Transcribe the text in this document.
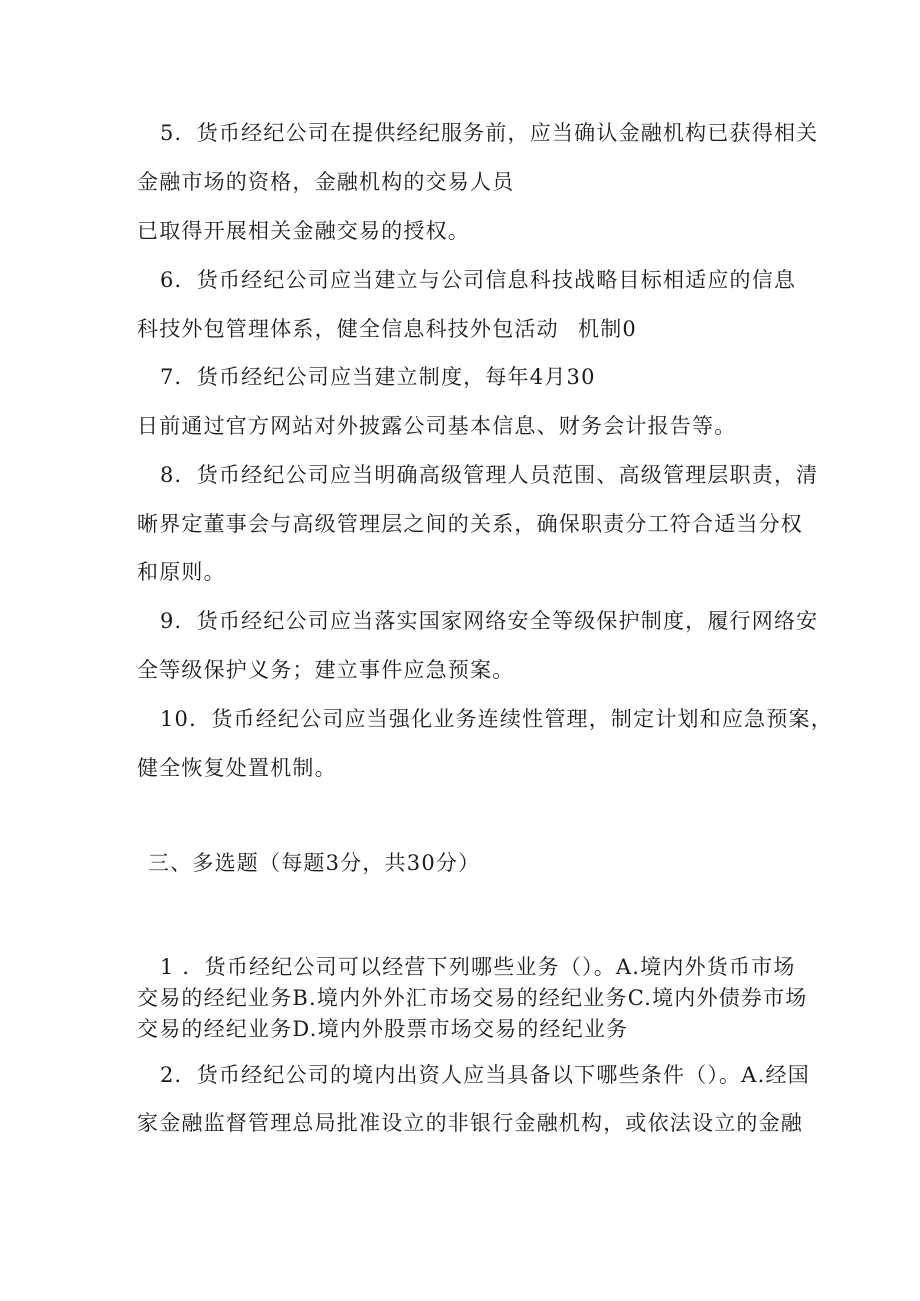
5．货币经纪公司在提供经纪服务前，应当确认金融机构已获得相关
金融市场的资格，金融机构的交易人员
已取得开展相关金融交易的授权。
6．货币经纪公司应当建立与公司信息科技战略目标相适应的信息
科技外包管理体系，健全信息科技外包活动 机制0
7．货币经纪公司应当建立制度，每年4月30
日前通过官方网站对外披露公司基本信息、财务会计报告等。
8．货币经纪公司应当明确高级管理人员范围、高级管理层职责，清
晰界定董事会与高级管理层之间的关系，确保职责分工符合适当分权
和原则。
9．货币经纪公司应当落实国家网络安全等级保护制度，履行网络安
全等级保护义务；建立事件应急预案。
10．货币经纪公司应当强化业务连续性管理，制定计划和应急预案，
健全恢复处置机制。
三、多选题（每题3分，共30分）
1 ．货币经纪公司可以经营下列哪些业务（）。A.境内外货币市场
交易的经纪业务B.境内外外汇市场交易的经纪业务C.境内外债券市场
交易的经纪业务D.境内外股票市场交易的经纪业务
2．货币经纪公司的境内出资人应当具备以下哪些条件（）。A.经国
家金融监督管理总局批准设立的非银行金融机构，或依法设立的金融
